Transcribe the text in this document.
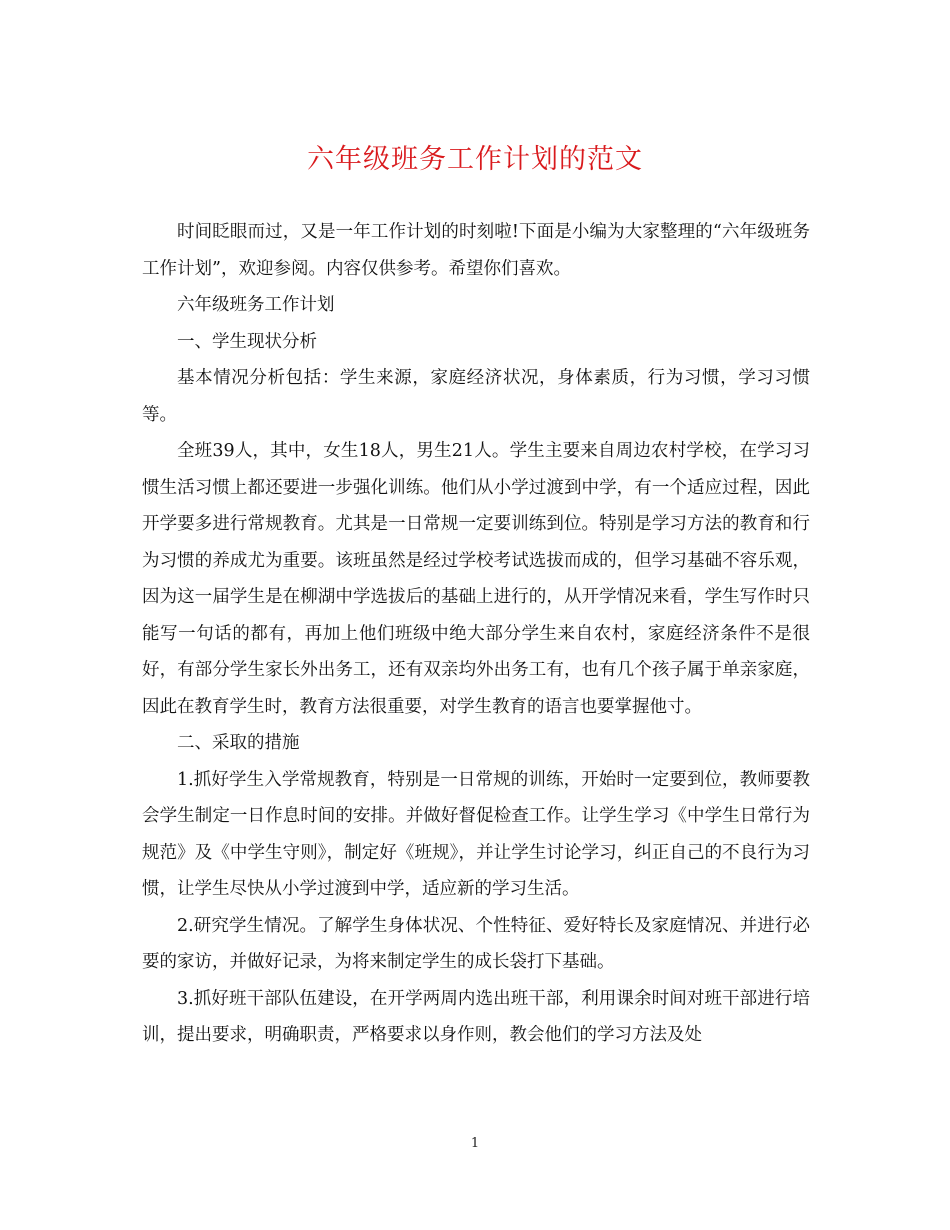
六年级班务工作计划的范文

时间眨眼而过，又是一年工作计划的时刻啦!下面是小编为大家整理的“六年级班务工作计划”，欢迎参阅。内容仅供参考。希望你们喜欢。

六年级班务工作计划

一、学生现状分析

基本情况分析包括：学生来源，家庭经济状况，身体素质，行为习惯，学习习惯等。

全班39人，其中，女生18人，男生21人。学生主要来自周边农村学校，在学习习惯生活习惯上都还要进一步强化训练。他们从小学过渡到中学，有一个适应过程，因此开学要多进行常规教育。尤其是一日常规一定要训练到位。特别是学习方法的教育和行为习惯的养成尤为重要。该班虽然是经过学校考试选拔而成的，但学习基础不容乐观，因为这一届学生是在柳湖中学选拔后的基础上进行的，从开学情况来看，学生写作时只能写一句话的都有，再加上他们班级中绝大部分学生来自农村，家庭经济条件不是很好，有部分学生家长外出务工，还有双亲均外出务工有，也有几个孩子属于单亲家庭，因此在教育学生时，教育方法很重要，对学生教育的语言也要掌握他寸。

二、采取的措施

1.抓好学生入学常规教育，特别是一日常规的训练，开始时一定要到位，教师要教会学生制定一日作息时间的安排。并做好督促检查工作。让学生学习《中学生日常行为规范》及《中学生守则》，制定好《班规》，并让学生讨论学习，纠正自己的不良行为习惯，让学生尽快从小学过渡到中学，适应新的学习生活。

2.研究学生情况。了解学生身体状况、个性特征、爱好特长及家庭情况、并进行必要的家访，并做好记录，为将来制定学生的成长袋打下基础。

3.抓好班干部队伍建设，在开学两周内选出班干部，利用课余时间对班干部进行培训，提出要求，明确职责，严格要求以身作则，教会他们的学习方法及处

1
